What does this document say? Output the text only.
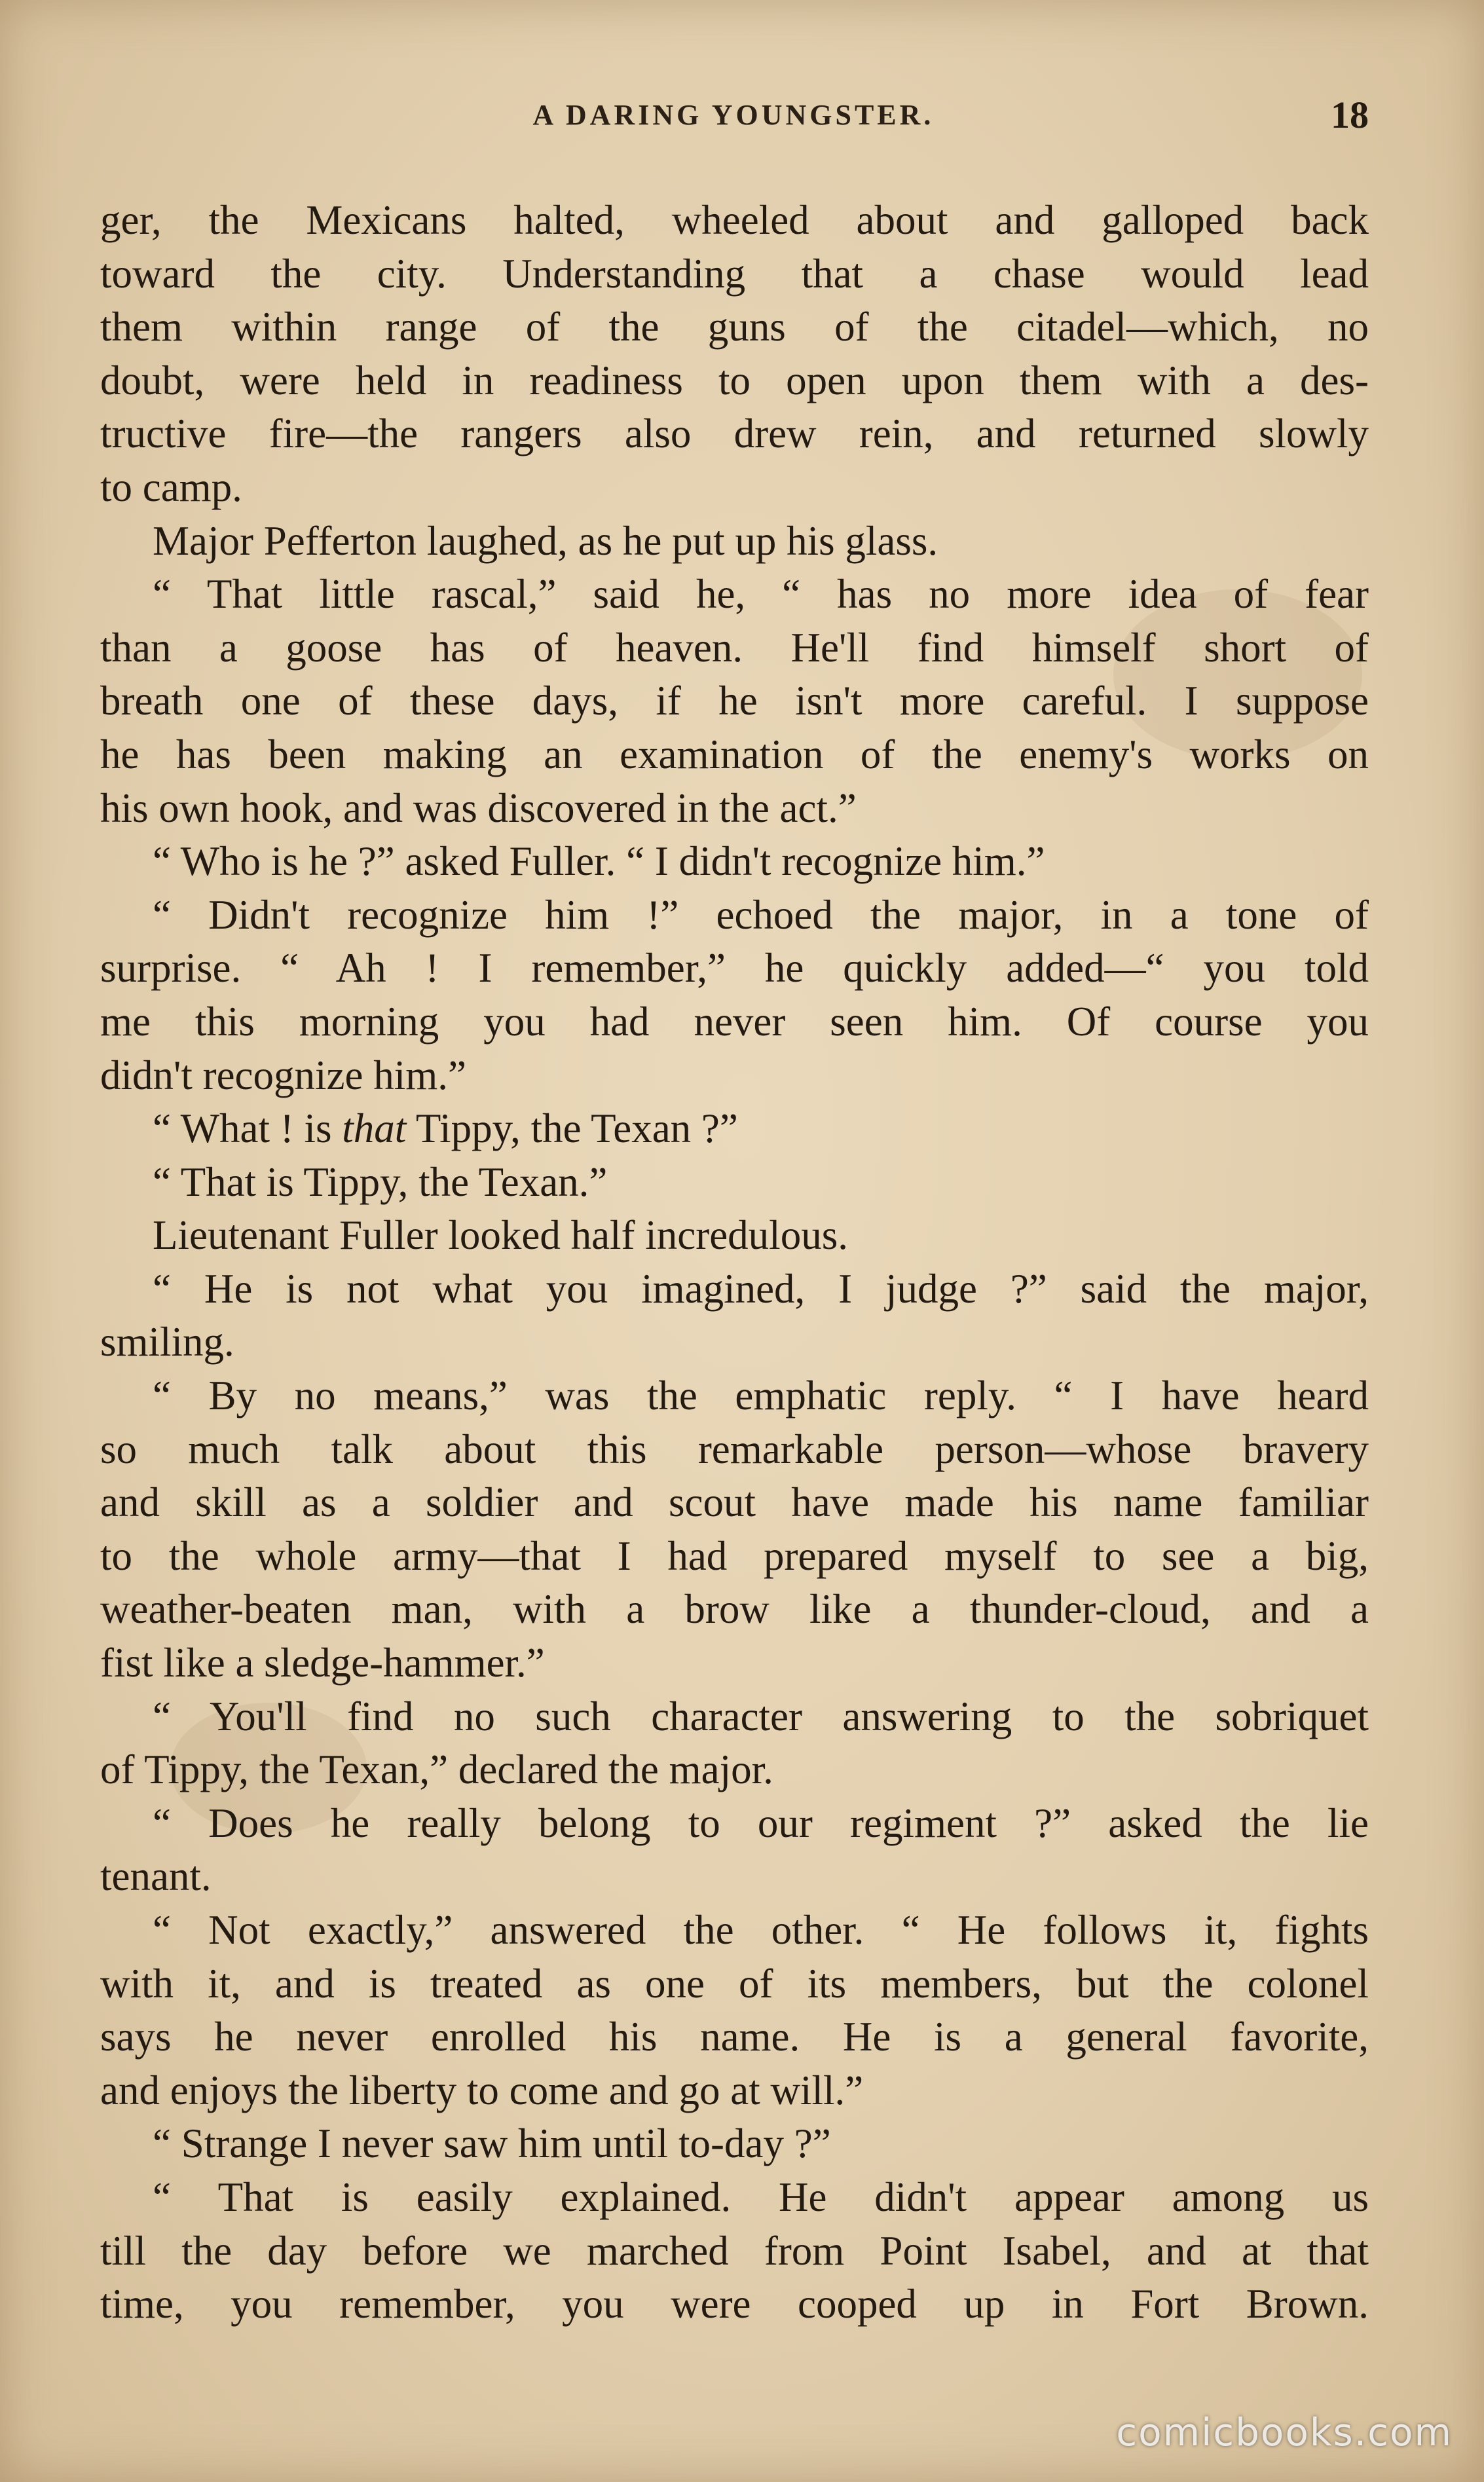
A DARING YOUNGSTER.	18
ger, the Mexicans halted, wheeled about and galloped back
toward the city. Understanding that a chase would lead
them within range of the guns of the citadel—which, no
doubt, were held in readiness to open upon them with a des-
tructive fire—the rangers also drew rein, and returned slowly
to camp.
Major Pefferton laughed, as he put up his glass.
“ That little rascal,” said he, “ has no more idea of fear
than a goose has of heaven. He'll find himself short of
breath one of these days, if he isn't more careful. I suppose
he has been making an examination of the enemy's works on
his own hook, and was discovered in the act.”
“ Who is he ?” asked Fuller. “ I didn't recognize him.”
“ Didn't recognize him !” echoed the major, in a tone of
surprise. “ Ah ! I remember,” he quickly added—“ you told
me this morning you had never seen him. Of course you
didn't recognize him.”
“ What ! is that Tippy, the Texan ?”
“ That is Tippy, the Texan.”
Lieutenant Fuller looked half incredulous.
“ He is not what you imagined, I judge ?” said the major,
smiling.
“ By no means,” was the emphatic reply. “ I have heard
so much talk about this remarkable person—whose bravery
and skill as a soldier and scout have made his name familiar
to the whole army—that I had prepared myself to see a big,
weather-beaten man, with a brow like a thunder-cloud, and a
fist like a sledge-hammer.”
“ You'll find no such character answering to the sobriquet
of Tippy, the Texan,” declared the major.
“ Does he really belong to our regiment ?” asked the lie
tenant.
“ Not exactly,” answered the other. “ He follows it, fights
with it, and is treated as one of its members, but the colonel
says he never enrolled his name. He is a general favorite,
and enjoys the liberty to come and go at will.”
“ Strange I never saw him until to-day ?”
“ That is easily explained. He didn't appear among us
till the day before we marched from Point Isabel, and at that
time, you remember, you were cooped up in Fort Brown.
comicbooks.com
